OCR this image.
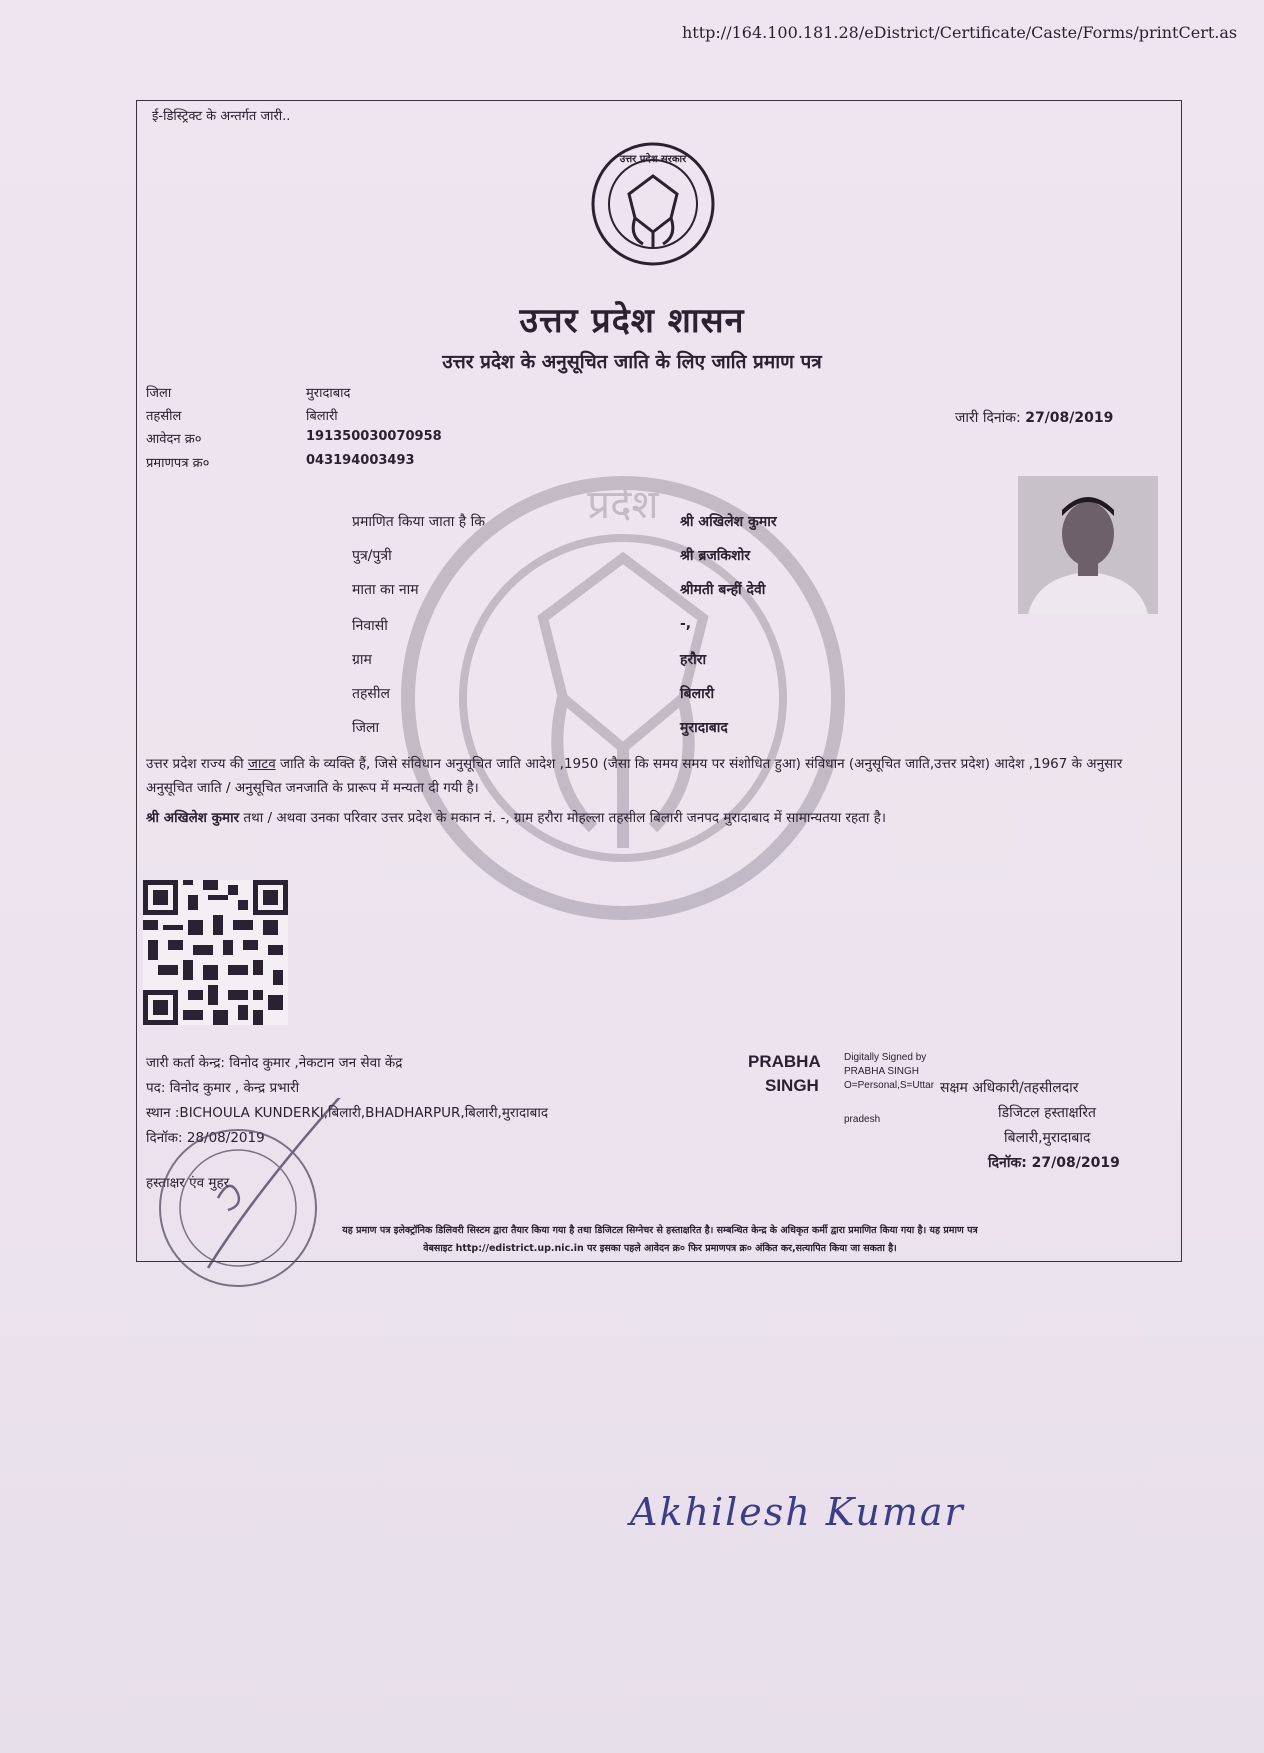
http://164.100.181.28/eDistrict/Certificate/Caste/Forms/printCert.as
ई-डिस्ट्रिक्ट के अन्तर्गत जारी..
प्रदेश
उत्तर प्रदेश सरकार
उत्तर प्रदेश शासन
उत्तर प्रदेश के अनुसूचित जाति के लिए जाति प्रमाण पत्र
जिला	मुरादाबाद
तहसील	बिलारी
आवेदन क्र०	191350030070958
प्रमाणपत्र क्र०	043194003493
जारी दिनांक: 27/08/2019
प्रमाणित किया जाता है कि	श्री अखिलेश कुमार
पुत्र/पुत्री	श्री ब्रजकिशोर
माता का नाम	श्रीमती बन्हीं देवी
निवासी	-,
ग्राम	हरौरा
तहसील	बिलारी
जिला	मुरादाबाद
उत्तर प्रदेश राज्य की जाटव जाति के व्यक्ति हैं, जिसे संविधान अनुसूचित जाति आदेश ,1950 (जैसा कि समय समय पर संशोधित हुआ) संविधान (अनुसूचित जाति,उत्तर प्रदेश) आदेश ,1967 के अनुसार अनुसूचित जाति / अनुसूचित जनजाति के प्रारूप में मन्यता दी गयी है।
श्री अखिलेश कुमार तथा / अथवा उनका परिवार उत्तर प्रदेश के मकान नं. -, ग्राम हरौरा मोहल्ला तहसील बिलारी जनपद मुरादाबाद में सामान्यतया रहता है।
जारी कर्ता केन्द्र: विनोद कुमार ,नेकटान जन सेवा केंद्र
पद: विनोद कुमार , केन्द्र प्रभारी
स्थान :BICHOULA KUNDERKI,बिलारी,BHADHARPUR,बिलारी,मुरादाबाद
दिनॉक: 28/08/2019
हस्ताक्षर एंव मुहर
PRABHA
SINGH
Digitally Signed by
PRABHA SINGH
O=Personal,S=Uttar
pradesh
सक्षम अधिकारी/तहसीलदार
डिजिटल हस्ताक्षरित
बिलारी,मुरादाबाद
दिनॉक: 27/08/2019
यह प्रमाण पत्र इलेक्ट्रॉनिक डिलिवरी सिस्टम द्वारा तैयार किया गया है तथा डिजिटल सिग्नेचर से हस्ताक्षरित है। सम्बन्धित केन्द्र के अधिकृत कर्मी द्वारा प्रमाणित किया गया है। यह प्रमाण पत्र
वेबसाइट http://edistrict.up.nic.in पर इसका पहले आवेदन क्र० फिर प्रमाणपत्र क्र० अंकित कर,सत्यापित किया जा सकता है।
Akhilesh Kumar
